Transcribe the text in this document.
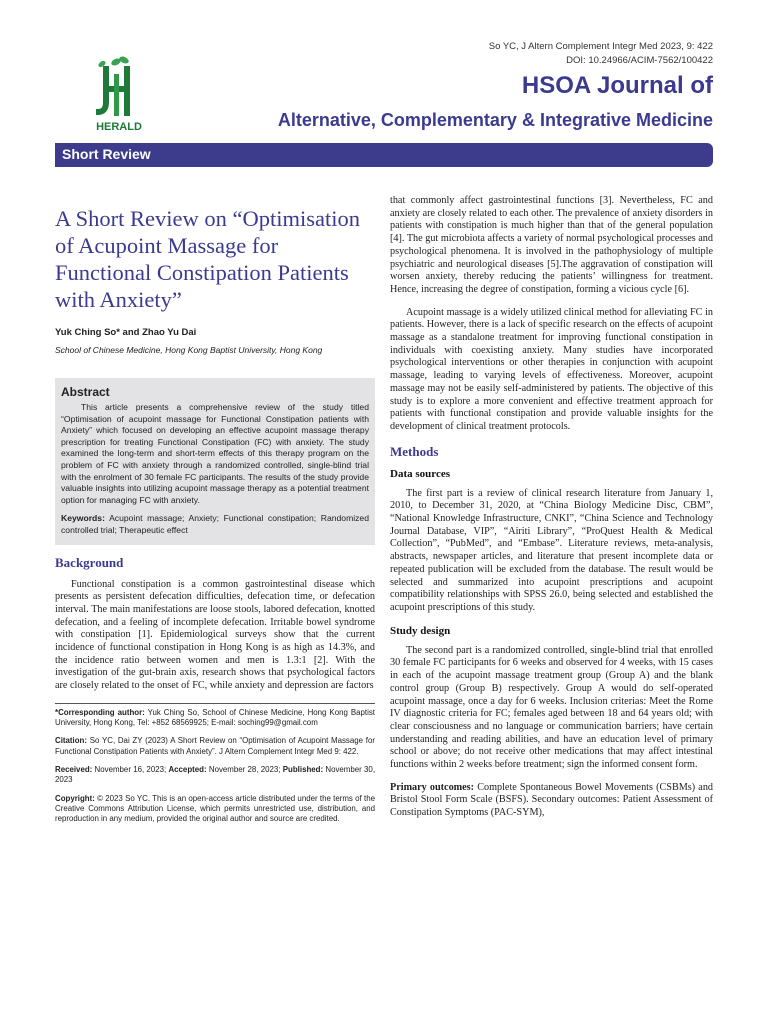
So YC, J Altern Complement Integr Med 2023, 9: 422
DOI: 10.24966/ACIM-7562/100422
HERALD
HSOA Journal of
Alternative, Complementary & Integrative Medicine
Short Review
A Short Review on “Optimisation of Acupoint Massage for Functional Constipation Patients with Anxiety”
Yuk Ching So* and Zhao Yu Dai
School of Chinese Medicine, Hong Kong Baptist University, Hong Kong
Abstract
This article presents a comprehensive review of the study titled “Optimisation of acupoint massage for Functional Constipation patients with Anxiety” which focused on developing an effective acupoint massage therapy prescription for treating Functional Constipation (FC) with anxiety. The study examined the long-term and short-term effects of this therapy program on the problem of FC with anxiety through a randomized controlled, single-blind trial with the enrolment of 30 female FC participants. The results of the study provide valuable insights into utilizing acupoint massage therapy as a potential treatment option for managing FC with anxiety.
Keywords: Acupoint massage; Anxiety; Functional constipation; Randomized controlled trial; Therapeutic effect
Background
Functional constipation is a common gastrointestinal disease which presents as persistent defecation difficulties, defecation time, or defecation interval. The main manifestations are loose stools, labored defecation, knotted defecation, and a feeling of incomplete defecation. Irritable bowel syndrome with constipation [1]. Epidemiological surveys show that the current incidence of functional constipation in Hong Kong is as high as 14.3%, and the incidence ratio between women and men is 1.3:1 [2]. With the investigation of the gut-brain axis, research shows that psychological factors are closely related to the onset of FC, while anxiety and depression are factors
*Corresponding author: Yuk Ching So, School of Chinese Medicine, Hong Kong Baptist University, Hong Kong, Tel: +852 68569925; E-mail: soching99@gmail.com
Citation: So YC, Dai ZY (2023) A Short Review on “Optimisation of Acupoint Massage for Functional Constipation Patients with Anxiety”. J Altern Complement Integr Med 9: 422.
Received: November 16, 2023; Accepted: November 28, 2023; Published: November 30, 2023
Copyright: © 2023 So YC. This is an open-access article distributed under the terms of the Creative Commons Attribution License, which permits unrestricted use, distribution, and reproduction in any medium, provided the original author and source are credited.
that commonly affect gastrointestinal functions [3]. Nevertheless, FC and anxiety are closely related to each other. The prevalence of anxiety disorders in patients with constipation is much higher than that of the general population [4]. The gut microbiota affects a variety of normal psychological processes and psychological phenomena. It is involved in the pathophysiology of multiple psychiatric and neurological diseases [5].The aggravation of constipation will worsen anxiety, thereby reducing the patients’ willingness for treatment. Hence, increasing the degree of constipation, forming a vicious cycle [6].
Acupoint massage is a widely utilized clinical method for alleviating FC in patients. However, there is a lack of specific research on the effects of acupoint massage as a standalone treatment for improving functional constipation in individuals with coexisting anxiety. Many studies have incorporated psychological interventions or other therapies in conjunction with acupoint massage, leading to varying levels of effectiveness. Moreover, acupoint massage may not be easily self-administered by patients. The objective of this study is to explore a more convenient and effective treatment approach for patients with functional constipation and provide valuable insights for the development of clinical treatment protocols.
Methods
Data sources
The first part is a review of clinical research literature from January 1, 2010, to December 31, 2020, at “China Biology Medicine Disc, CBM”, “National Knowledge Infrastructure, CNKI”, “China Science and Technology Journal Database, VIP”, “Airiti Library”, “ProQuest Health & Medical Collection”, “PubMed”, and “Embase”. Literature reviews, meta-analysis, abstracts, newspaper articles, and literature that present incomplete data or repeated publication will be excluded from the database. The result would be selected and summarized into acupoint prescriptions and acupoint compatibility relationships with SPSS 26.0, being selected and established the acupoint prescriptions of this study.
Study design
The second part is a randomized controlled, single-blind trial that enrolled 30 female FC participants for 6 weeks and observed for 4 weeks, with 15 cases in each of the acupoint massage treatment group (Group A) and the blank control group (Group B) respectively. Group A would do self-operated acupoint massage, once a day for 6 weeks. Inclusion criterias: Meet the Rome IV diagnostic criteria for FC; females aged between 18 and 64 years old; with clear consciousness and no language or communication barriers; have certain understanding and reading abilities, and have an education level of primary school or above; do not receive other medications that may affect intestinal functions within 2 weeks before treatment; sign the informed consent form.
Primary outcomes: Complete Spontaneous Bowel Movements (CSBMs) and Bristol Stool Form Scale (BSFS). Secondary outcomes: Patient Assessment of Constipation Symptoms (PAC-SYM),
